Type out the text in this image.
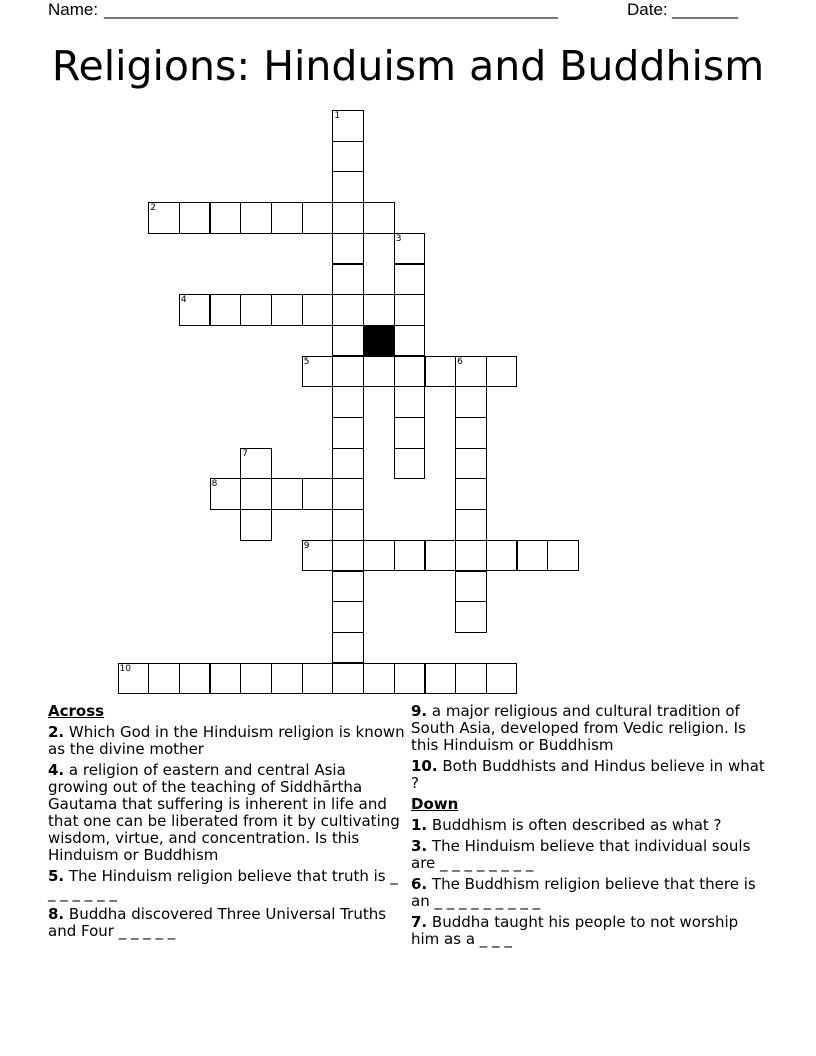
Name: ________________________________________________	Date: _______
Religions: Hinduism and Buddhism
1
2
3
4
5	6
7
8
9
10
Across
2. Which God in the Hinduism religion is known as the divine mother
4. a religion of eastern and central Asia growing out of the teaching of Siddhārtha Gautama that suffering is inherent in life and that one can be liberated from it by cultivating wisdom, virtue, and concentration. Is this Hinduism or Buddhism
5. The Hinduism religion believe that truth is _ _ _ _ _ _ _
8. Buddha discovered Three Universal Truths and Four _ _ _ _ _
9. a major religious and cultural tradition of South Asia, developed from Vedic religion. Is this Hinduism or Buddhism
10. Both Buddhists and Hindus believe in what ?
Down
1. Buddhism is often described as what ?
3. The Hinduism believe that individual souls are _ _ _ _ _ _ _ _
6. The Buddhism religion believe that there is an _ _ _ _ _ _ _ _ _
7. Buddha taught his people to not worship him as a _ _ _
